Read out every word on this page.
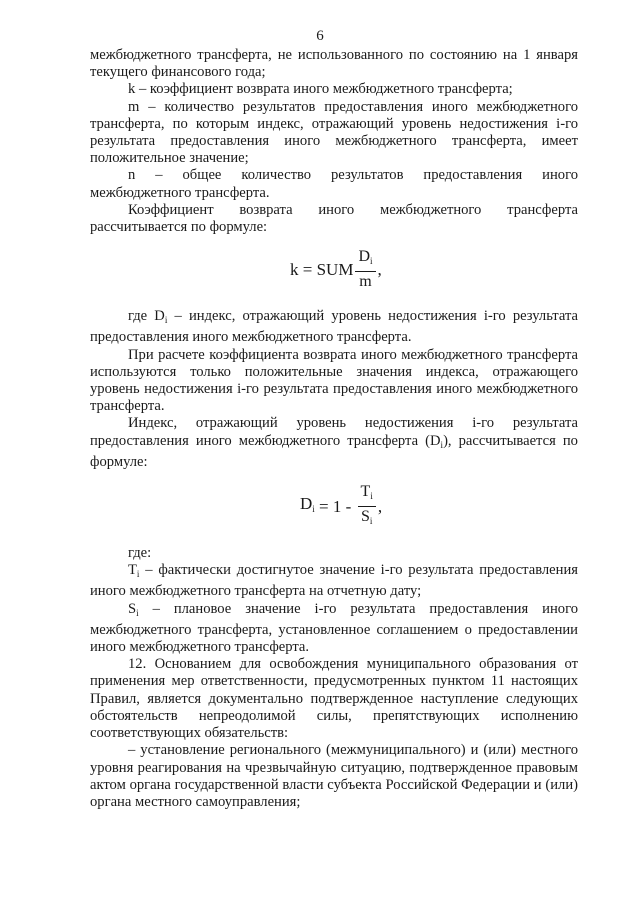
6

межбюджетного трансферта, не использованного по состоянию на 1 января текущего финансового года;

k – коэффициент возврата иного межбюджетного трансферта;

m – количество результатов предоставления иного межбюджетного трансферта, по которым индекс, отражающий уровень недостижения i-го результата предоставления иного межбюджетного трансферта, имеет положительное значение;

n – общее количество результатов предоставления иного межбюджетного трансферта.

Коэффициент возврата иного межбюджетного трансферта рассчитывается по формуле:

k = SUM $\frac{D_i}{m}$ ,

где $D_i$ – индекс, отражающий уровень недостижения i-го результата предоставления иного межбюджетного трансферта.

При расчете коэффициента возврата иного межбюджетного трансферта используются только положительные значения индекса, отражающего уровень недостижения i-го результата предоставления иного межбюджетного трансферта.

Индекс, отражающий уровень недостижения i-го результата предоставления иного межбюджетного трансферта $(D_i)$, рассчитывается по формуле:

$D_i = 1 - \frac{T_i}{S_i}$ ,

где:

$T_i$ – фактически достигнутое значение i-го результата предоставления иного межбюджетного трансферта на отчетную дату;

$S_i$ – плановое значение i-го результата предоставления иного межбюджетного трансферта, установленное соглашением о предоставлении иного межбюджетного трансферта.

12. Основанием для освобождения муниципального образования от применения мер ответственности, предусмотренных пунктом 11 настоящих Правил, является документально подтвержденное наступление следующих обстоятельств непреодолимой силы, препятствующих исполнению соответствующих обязательств:

– установление регионального (межмуниципального) и (или) местного уровня реагирования на чрезвычайную ситуацию, подтвержденное правовым актом органа государственной власти субъекта Российской Федерации и (или) органа местного самоуправления;
